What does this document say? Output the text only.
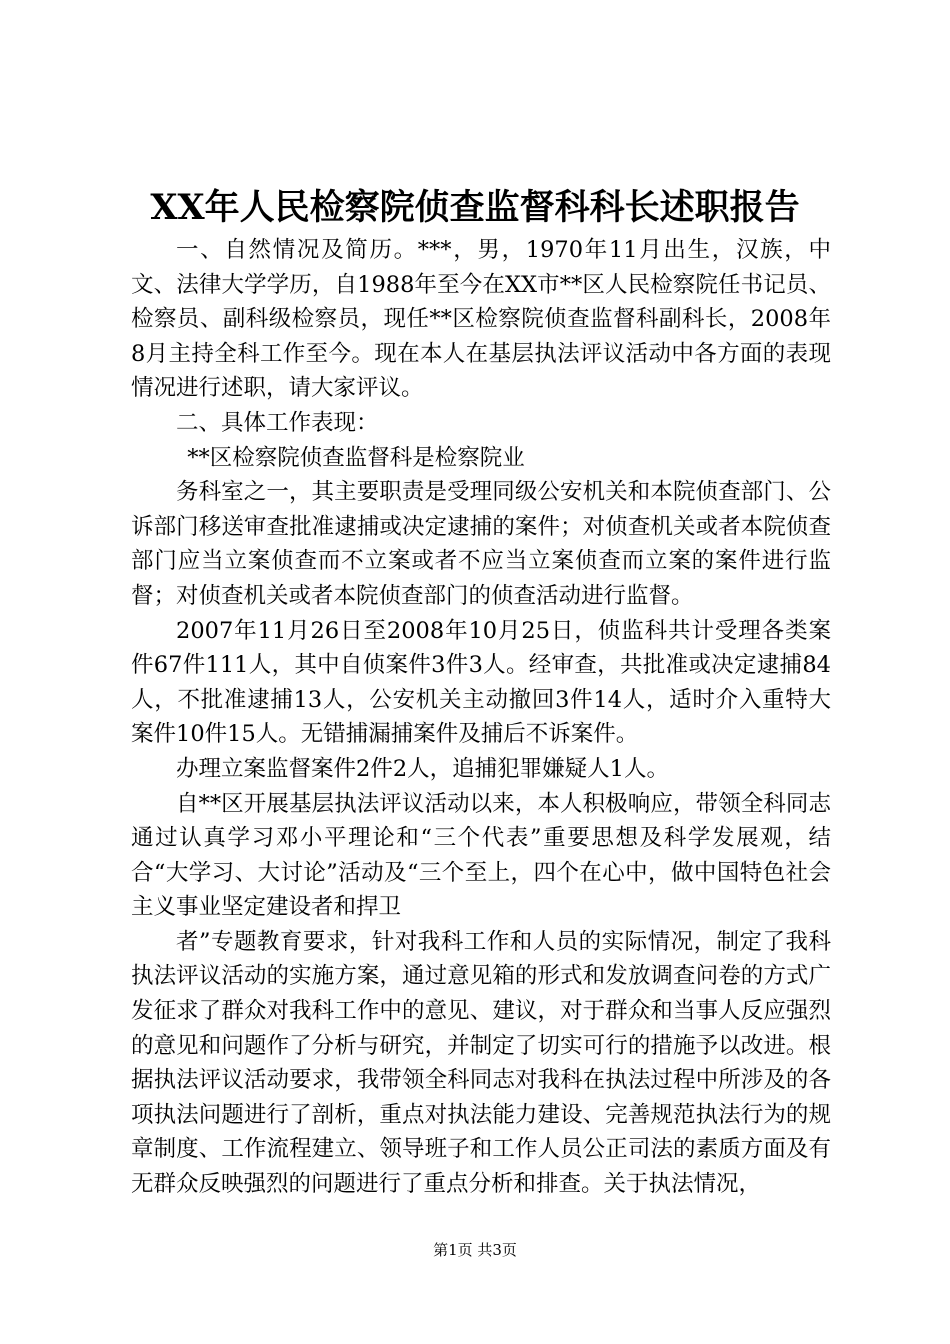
XX年人民检察院侦查监督科科长述职报告

一、自然情况及简历。***，男，1970年11月出生，汉族，中文、法律大学学历，自1988年至今在XX市**区人民检察院任书记员、检察员、副科级检察员，现任**区检察院侦查监督科副科长，2008年8月主持全科工作至今。现在本人在基层执法评议活动中各方面的表现情况进行述职，请大家评议。

二、具体工作表现：

**区检察院侦查监督科是检察院业

务科室之一，其主要职责是受理同级公安机关和本院侦查部门、公诉部门移送审查批准逮捕或决定逮捕的案件；对侦查机关或者本院侦查部门应当立案侦查而不立案或者不应当立案侦查而立案的案件进行监督；对侦查机关或者本院侦查部门的侦查活动进行监督。

2007年11月26日至2008年10月25日，侦监科共计受理各类案件67件111人，其中自侦案件3件3人。经审查，共批准或决定逮捕84人，不批准逮捕13人，公安机关主动撤回3件14人，适时介入重特大案件10件15人。无错捕漏捕案件及捕后不诉案件。

办理立案监督案件2件2人，追捕犯罪嫌疑人1人。

自**区开展基层执法评议活动以来，本人积极响应，带领全科同志通过认真学习邓小平理论和“三个代表”重要思想及科学发展观，结合“大学习、大讨论”活动及“三个至上，四个在心中，做中国特色社会主义事业坚定建设者和捍卫

者”专题教育要求，针对我科工作和人员的实际情况，制定了我科执法评议活动的实施方案，通过意见箱的形式和发放调查问卷的方式广发征求了群众对我科工作中的意见、建议，对于群众和当事人反应强烈的意见和问题作了分析与研究，并制定了切实可行的措施予以改进。根据执法评议活动要求，我带领全科同志对我科在执法过程中所涉及的各项执法问题进行了剖析，重点对执法能力建设、完善规范执法行为的规章制度、工作流程建立、领导班子和工作人员公正司法的素质方面及有无群众反映强烈的问题进行了重点分析和排查。关于执法情况，

第1页 共3页
